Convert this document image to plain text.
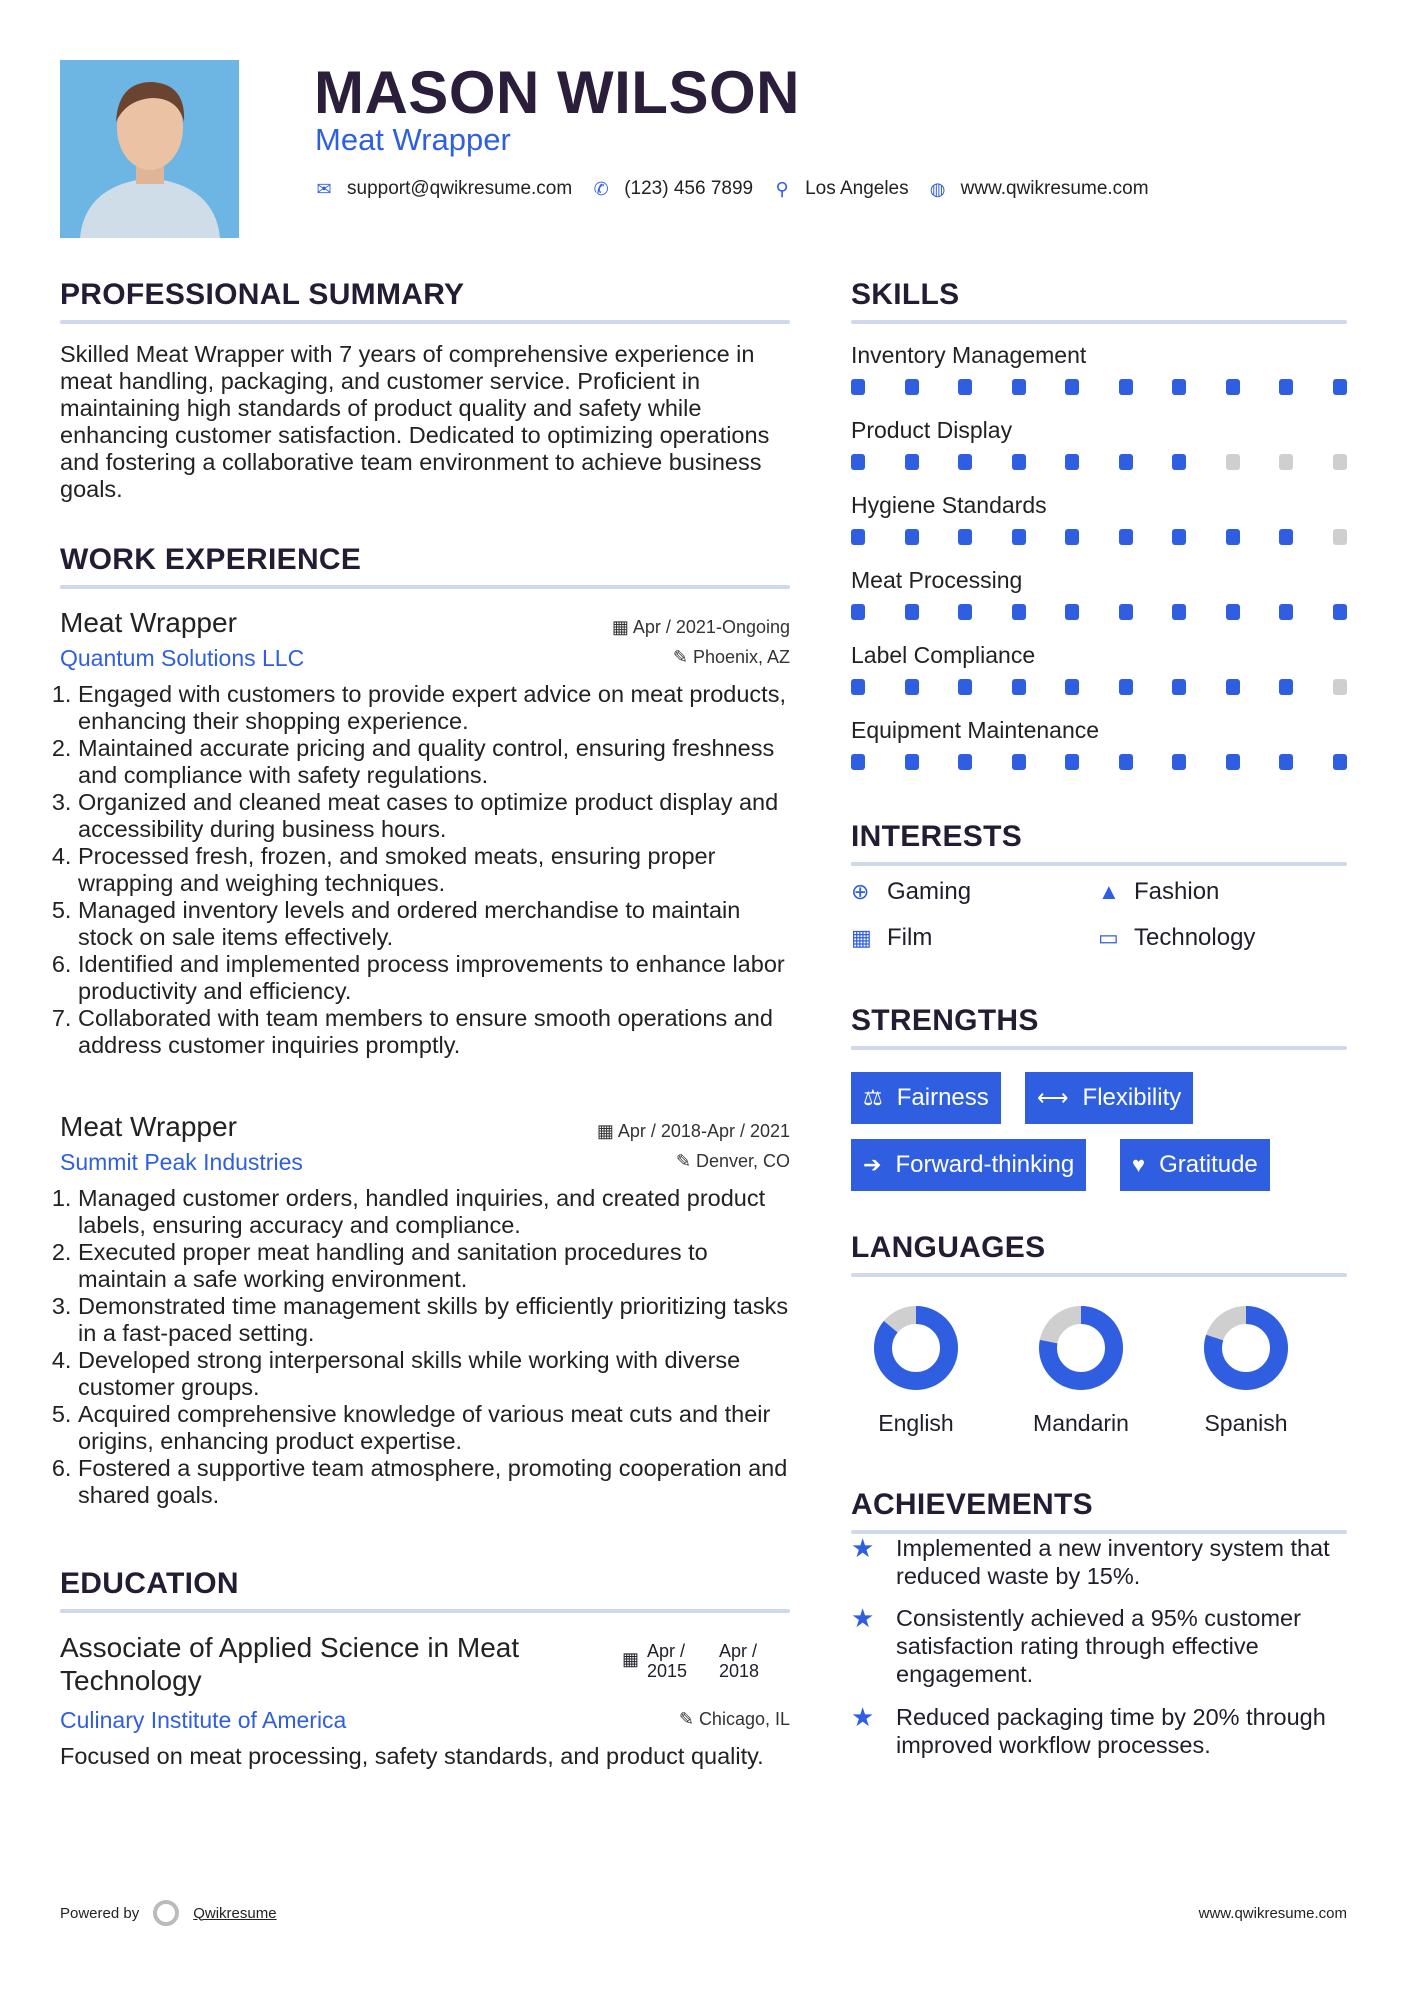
MASON WILSON
Meat Wrapper
✉ support@qwikresume.com ✆ (123) 456 7899 ⚲ Los Angeles ◍ www.qwikresume.com
PROFESSIONAL SUMMARY
Skilled Meat Wrapper with 7 years of comprehensive experience in meat handling, packaging, and customer service. Proficient in maintaining high standards of product quality and safety while enhancing customer satisfaction. Dedicated to optimizing operations and fostering a collaborative team environment to achieve business goals.
WORK EXPERIENCE
Meat Wrapper	▦ Apr / 2021-Ongoing
Quantum Solutions LLC	✎ Phoenix, AZ
1. Engaged with customers to provide expert advice on meat products, enhancing their shopping experience.
2. Maintained accurate pricing and quality control, ensuring freshness and compliance with safety regulations.
3. Organized and cleaned meat cases to optimize product display and accessibility during business hours.
4. Processed fresh, frozen, and smoked meats, ensuring proper wrapping and weighing techniques.
5. Managed inventory levels and ordered merchandise to maintain stock on sale items effectively.
6. Identified and implemented process improvements to enhance labor productivity and efficiency.
7. Collaborated with team members to ensure smooth operations and address customer inquiries promptly.
Meat Wrapper	▦ Apr / 2018-Apr / 2021
Summit Peak Industries	✎ Denver, CO
1. Managed customer orders, handled inquiries, and created product labels, ensuring accuracy and compliance.
2. Executed proper meat handling and sanitation procedures to maintain a safe working environment.
3. Demonstrated time management skills by efficiently prioritizing tasks in a fast-paced setting.
4. Developed strong interpersonal skills while working with diverse customer groups.
5. Acquired comprehensive knowledge of various meat cuts and their origins, enhancing product expertise.
6. Fostered a supportive team atmosphere, promoting cooperation and shared goals.
EDUCATION
Associate of Applied Science in Meat Technology
▦ Apr / 2015
Apr / 2018
Culinary Institute of America	✎ Chicago, IL
Focused on meat processing, safety standards, and product quality.
Powered by	Qwikresume	www.qwikresume.com
SKILLS
Inventory Management
Product Display
Hygiene Standards
Meat Processing
Label Compliance
Equipment Maintenance
INTERESTS
⊕ Gaming	▲ Fashion
▦ Film	▭ Technology
STRENGTHS
⚖ Fairness ⟷ Flexibility
➔ Forward-thinking	♥ Gratitude
LANGUAGES
English	Mandarin	Spanish
ACHIEVEMENTS
★ Implemented a new inventory system that reduced waste by 15%.
★ Consistently achieved a 95% customer satisfaction rating through effective engagement.
★ Reduced packaging time by 20% through improved workflow processes.
